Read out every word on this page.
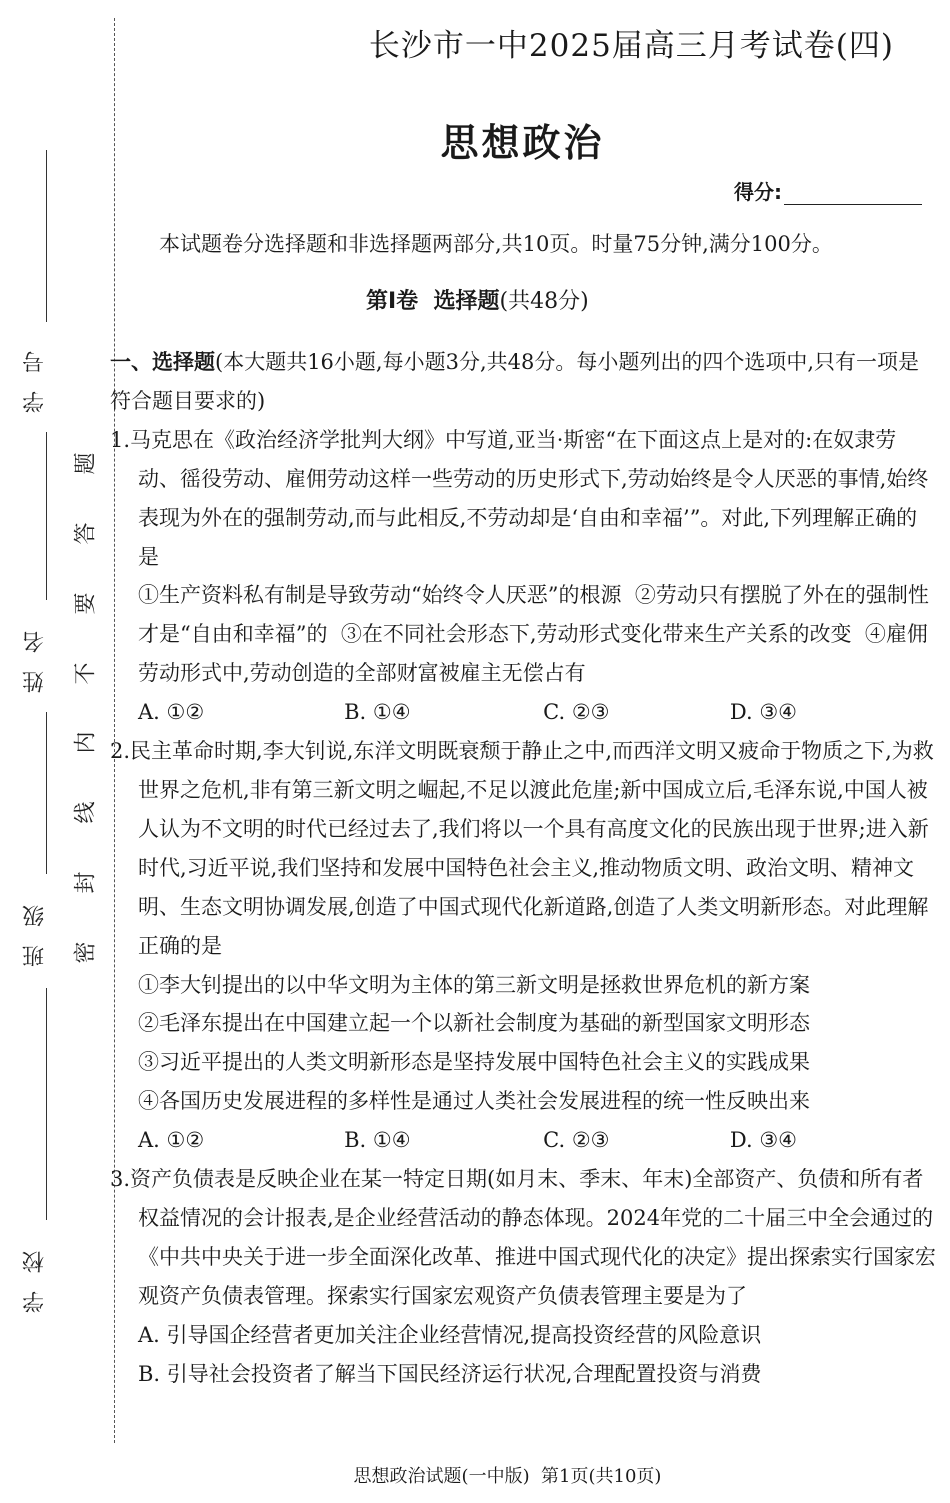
学号
姓名
班级
学校
题
答
要
不
内
线
封
密
长沙市一中2025届高三月考试卷(四)
思想政治
得分:

本试题卷分选择题和非选择题两部分,共10页。时量75分钟,满分100分。

第Ⅰ卷  选择题(共48分)

一、选择题(本大题共16小题,每小题3分,共48分。每小题列出的四个选项中,只有一项是符合题目要求的)

1.马克思在《政治经济学批判大纲》中写道,亚当·斯密“在下面这点上是对的:在奴隶劳动、徭役劳动、雇佣劳动这样一些劳动的历史形式下,劳动始终是令人厌恶的事情,始终表现为外在的强制劳动,而与此相反,不劳动却是‘自由和幸福’”。对此,下列理解正确的是

①生产资料私有制是导致劳动“始终令人厌恶”的根源  ②劳动只有摆脱了外在的强制性才是“自由和幸福”的  ③在不同社会形态下,劳动形式变化带来生产关系的改变  ④雇佣劳动形式中,劳动创造的全部财富被雇主无偿占有

A. ①②	B. ①④	C. ②③	D. ③④

2.民主革命时期,李大钊说,东洋文明既衰颓于静止之中,而西洋文明又疲命于物质之下,为救世界之危机,非有第三新文明之崛起,不足以渡此危崖;新中国成立后,毛泽东说,中国人被人认为不文明的时代已经过去了,我们将以一个具有高度文化的民族出现于世界;进入新时代,习近平说,我们坚持和发展中国特色社会主义,推动物质文明、政治文明、精神文明、生态文明协调发展,创造了中国式现代化新道路,创造了人类文明新形态。对此理解正确的是

①李大钊提出的以中华文明为主体的第三新文明是拯救世界危机的新方案

②毛泽东提出在中国建立起一个以新社会制度为基础的新型国家文明形态

③习近平提出的人类文明新形态是坚持发展中国特色社会主义的实践成果

④各国历史发展进程的多样性是通过人类社会发展进程的统一性反映出来

A. ①②	B. ①④	C. ②③	D. ③④

3.资产负债表是反映企业在某一特定日期(如月末、季末、年末)全部资产、负债和所有者权益情况的会计报表,是企业经营活动的静态体现。2024年党的二十届三中全会通过的《中共中央关于进一步全面深化改革、推进中国式现代化的决定》提出探索实行国家宏观资产负债表管理。探索实行国家宏观资产负债表管理主要是为了

A. 引导国企经营者更加关注企业经营情况,提高投资经营的风险意识

B. 引导社会投资者了解当下国民经济运行状况,合理配置投资与消费

思想政治试题(一中版)  第1页(共10页)
